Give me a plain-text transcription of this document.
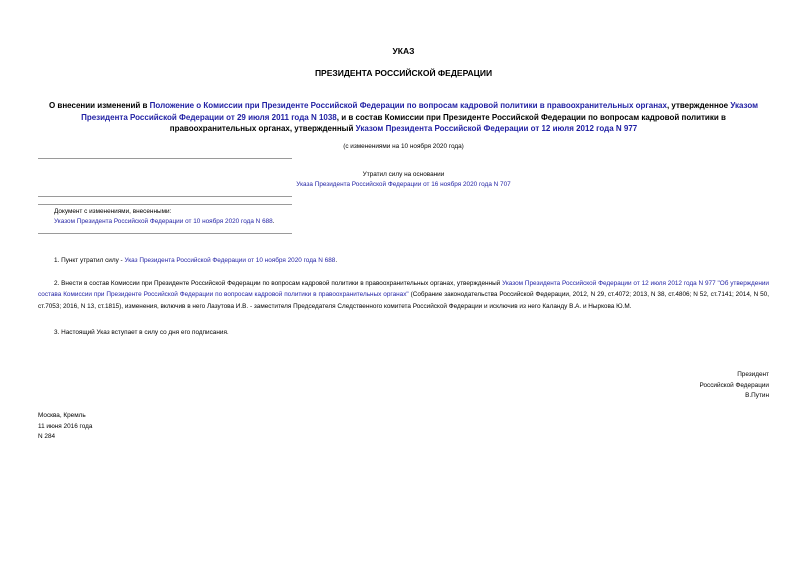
УКАЗ
ПРЕЗИДЕНТА РОССИЙСКОЙ ФЕДЕРАЦИИ
О внесении изменений в Положение о Комиссии при Президенте Российской Федерации по вопросам кадровой политики в правоохранительных органах, утвержденное Указом Президента Российской Федерации от 29 июля 2011 года N 1038, и в состав Комиссии при Президенте Российской Федерации по вопросам кадровой политики в правоохранительных органах, утвержденный Указом Президента Российской Федерации от 12 июля 2012 года N 977
(с изменениями на 10 ноября 2020 года)
Утратил силу на основании
Указа Президента Российской Федерации от 16 ноября 2020 года N 707
Документ с изменениями, внесенными:
Указом Президента Российской Федерации от 10 ноября 2020 года N 688.
1. Пункт утратил силу - Указ Президента Российской Федерации от 10 ноября 2020 года N 688.
2. Внести в состав Комиссии при Президенте Российской Федерации по вопросам кадровой политики в правоохранительных органах, утвержденный Указом Президента Российской Федерации от 12 июля 2012 года N 977 "Об утверждении состава Комиссии при Президенте Российской Федерации по вопросам кадровой политики в правоохранительных органах" (Собрание законодательства Российской Федерации, 2012, N 29, ст.4072; 2013, N 38, ст.4806; N 52, ст.7141; 2014, N 50, ст.7053; 2016, N 13, ст.1815), изменения, включив в него Лазутова И.В. - заместителя Председателя Следственного комитета Российской Федерации и исключив из него Каланду В.А. и Ныркова Ю.М.
3. Настоящий Указ вступает в силу со дня его подписания.
Президент
Российской Федерации
В.Путин
Москва, Кремль
11 июня 2016 года
N 284
